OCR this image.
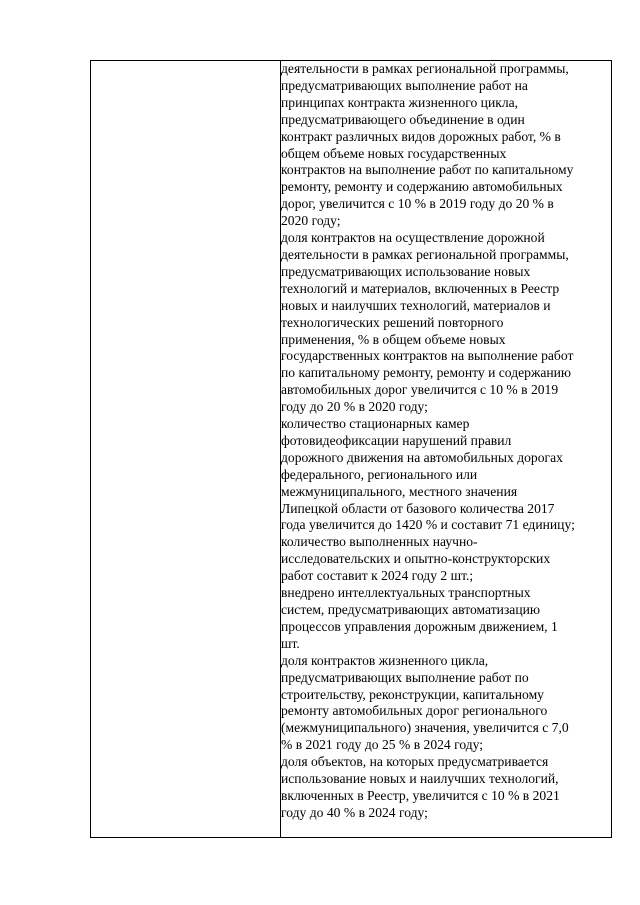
деятельности в рамках региональной программы,
предусматривающих выполнение работ на
принципах контракта жизненного цикла,
предусматривающего объединение в один
контракт различных видов дорожных работ, % в
общем объеме новых государственных
контрактов на выполнение работ по капитальному
ремонту, ремонту и содержанию автомобильных
дорог, увеличится с 10 % в 2019 году до 20 % в
2020 году;

доля контрактов на осуществление дорожной
деятельности в рамках региональной программы,
предусматривающих использование новых
технологий и материалов, включенных в Реестр
новых и наилучших технологий, материалов и
технологических решений повторного
применения, % в общем объеме новых
государственных контрактов на выполнение работ
по капитальному ремонту, ремонту и содержанию
автомобильных дорог увеличится с 10 % в 2019
году до 20 % в 2020 году;

количество стационарных камер
фотовидеофиксации нарушений правил
дорожного движения на автомобильных дорогах
федерального, регионального или
межмуниципального, местного значения
Липецкой области от базового количества 2017
года увеличится до 1420 % и составит 71 единицу;

количество выполненных научно-
исследовательских и опытно-конструкторских
работ составит к 2024 году 2 шт.;

внедрено интеллектуальных транспортных
систем, предусматривающих автоматизацию
процессов управления дорожным движением, 1
шт.

доля контрактов жизненного цикла,
предусматривающих выполнение работ по
строительству, реконструкции, капитальному
ремонту автомобильных дорог регионального
(межмуниципального) значения, увеличится с 7,0
% в 2021 году до 25 % в 2024 году;

доля объектов, на которых предусматривается
использование новых и наилучших технологий,
включенных в Реестр, увеличится с 10 % в 2021
году до 40 % в 2024 году;
